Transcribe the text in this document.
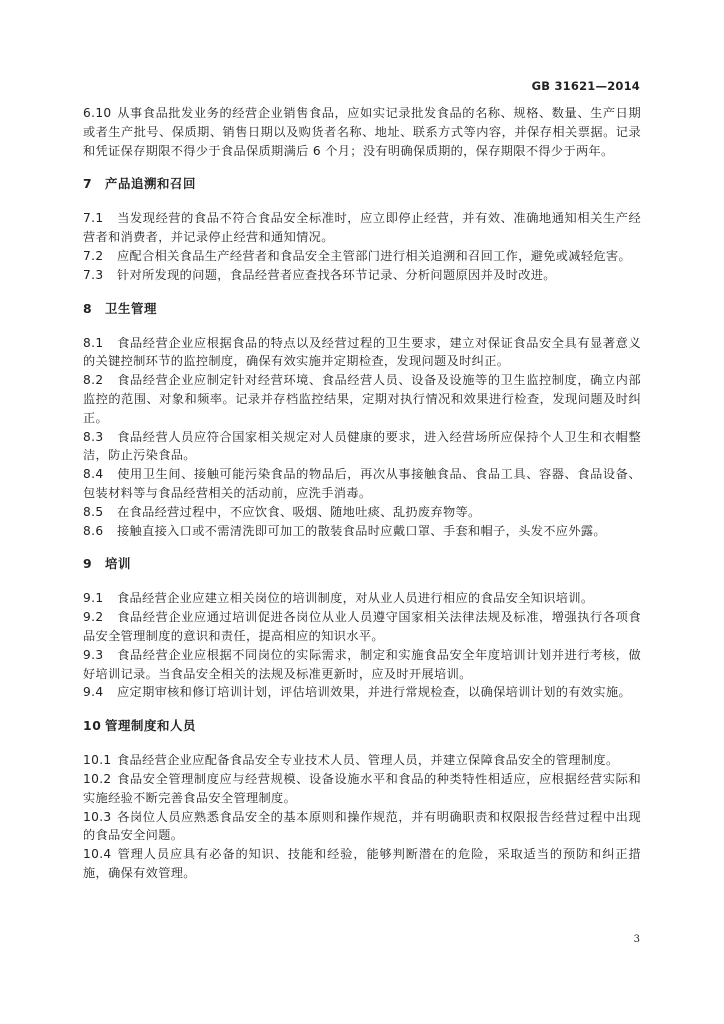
GB 31621—2014

6.10 从事食品批发业务的经营企业销售食品，应如实记录批发食品的名称、规格、数量、生产日期或者生产批号、保质期、销售日期以及购货者名称、地址、联系方式等内容，并保存相关票据。记录和凭证保存期限不得少于食品保质期满后 6 个月；没有明确保质期的，保存期限不得少于两年。

7 产品追溯和召回

7.1 当发现经营的食品不符合食品安全标准时，应立即停止经营，并有效、准确地通知相关生产经营者和消费者，并记录停止经营和通知情况。

7.2 应配合相关食品生产经营者和食品安全主管部门进行相关追溯和召回工作，避免或减轻危害。

7.3 针对所发现的问题，食品经营者应查找各环节记录、分析问题原因并及时改进。

8 卫生管理

8.1 食品经营企业应根据食品的特点以及经营过程的卫生要求，建立对保证食品安全具有显著意义的关键控制环节的监控制度，确保有效实施并定期检查，发现问题及时纠正。

8.2 食品经营企业应制定针对经营环境、食品经营人员、设备及设施等的卫生监控制度，确立内部监控的范围、对象和频率。记录并存档监控结果，定期对执行情况和效果进行检查，发现问题及时纠正。

8.3 食品经营人员应符合国家相关规定对人员健康的要求，进入经营场所应保持个人卫生和衣帽整洁，防止污染食品。

8.4 使用卫生间、接触可能污染食品的物品后，再次从事接触食品、食品工具、容器、食品设备、包装材料等与食品经营相关的活动前，应洗手消毒。

8.5 在食品经营过程中，不应饮食、吸烟、随地吐痰、乱扔废弃物等。

8.6 接触直接入口或不需清洗即可加工的散装食品时应戴口罩、手套和帽子，头发不应外露。

9 培训

9.1 食品经营企业应建立相关岗位的培训制度，对从业人员进行相应的食品安全知识培训。

9.2 食品经营企业应通过培训促进各岗位从业人员遵守国家相关法律法规及标准，增强执行各项食品安全管理制度的意识和责任，提高相应的知识水平。

9.3 食品经营企业应根据不同岗位的实际需求，制定和实施食品安全年度培训计划并进行考核，做好培训记录。当食品安全相关的法规及标准更新时，应及时开展培训。

9.4 应定期审核和修订培训计划，评估培训效果，并进行常规检查，以确保培训计划的有效实施。

10 管理制度和人员

10.1 食品经营企业应配备食品安全专业技术人员、管理人员，并建立保障食品安全的管理制度。

10.2 食品安全管理制度应与经营规模、设备设施水平和食品的种类特性相适应，应根据经营实际和实施经验不断完善食品安全管理制度。

10.3 各岗位人员应熟悉食品安全的基本原则和操作规范，并有明确职责和权限报告经营过程中出现的食品安全问题。

10.4 管理人员应具有必备的知识、技能和经验，能够判断潜在的危险，采取适当的预防和纠正措施，确保有效管理。

3
